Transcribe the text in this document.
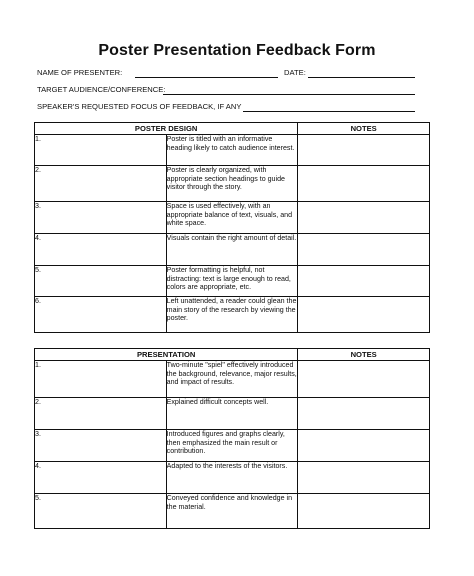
Poster Presentation Feedback Form
NAME OF PRESENTER:	DATE:
TARGET AUDIENCE/CONFERENCE:
SPEAKER'S REQUESTED FOCUS OF FEEDBACK, IF ANY
POSTER DESIGN		NOTES
1.	Poster is titled with an informative heading likely to catch audience interest.	
2.	Poster is clearly organized, with appropriate section headings to guide visitor through the story.	
3.	Space is used effectively, with an appropriate balance of text, visuals, and white space.	
4.	Visuals contain the right amount of detail.	
5.	Poster formatting is helpful, not distracting: text is large enough to read, colors are appropriate, etc.	
6.	Left unattended, a reader could glean the main story of the research by viewing the poster.	
PRESENTATION		NOTES
1.	Two-minute "spiel" effectively introduced the background, relevance, major results, and impact of results.	
2.	Explained difficult concepts well.	
3.	Introduced figures and graphs clearly, then emphasized the main result or contribution.	
4.	Adapted to the interests of the visitors.	
5.	Conveyed confidence and knowledge in the material.	
